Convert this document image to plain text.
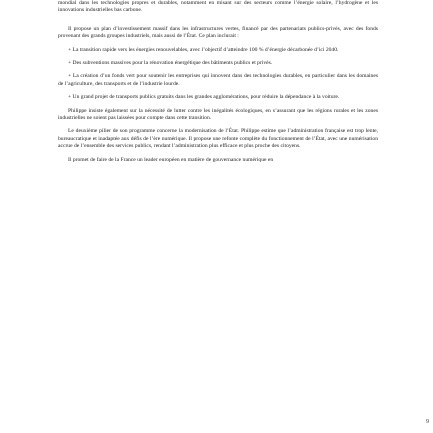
mondial dans les technologies propres et durables, notamment en misant sur des secteurs comme l’énergie solaire, l’hydrogène et les innovations industrielles bas carbone.

Il propose un plan d’investissement massif dans les infrastructures vertes, financé par des partenariats publics-privés, avec des fonds provenant des grands groupes industriels, mais aussi de l’État. Ce plan inclurait :

+ La transition rapide vers les énergies renouvelables, avec l’objectif d’atteindre 100 % d’énergie décarbonée d’ici 2040.

+ Des subventions massives pour la rénovation énergétique des bâtiments publics et privés.

+ La création d’un fonds vert pour soutenir les entreprises qui innovent dans des technologies durables, en particulier dans les domaines de l’agriculture, des transports et de l’industrie lourde.

+ Un grand projet de transports publics gratuits dans les grandes agglomérations, pour réduire la dépendance à la voiture.

Philippe insiste également sur la nécessité de lutter contre les inégalités écologiques, en s’assurant que les régions rurales et les zones industrielles ne soient pas laissées pour compte dans cette transition.

Le deuxième pilier de son programme concerne la modernisation de l’État. Philippe estime que l’administration française est trop lente, bureaucratique et inadaptée aux défis de l’ère numérique. Il propose une refonte complète du fonctionnement de l’État, avec une numérisation accrue de l’ensemble des services publics, rendant l’administration plus efficace et plus proche des citoyens.

Il promet de faire de la France un leader européen en matière de gouvernance numérique en

9
